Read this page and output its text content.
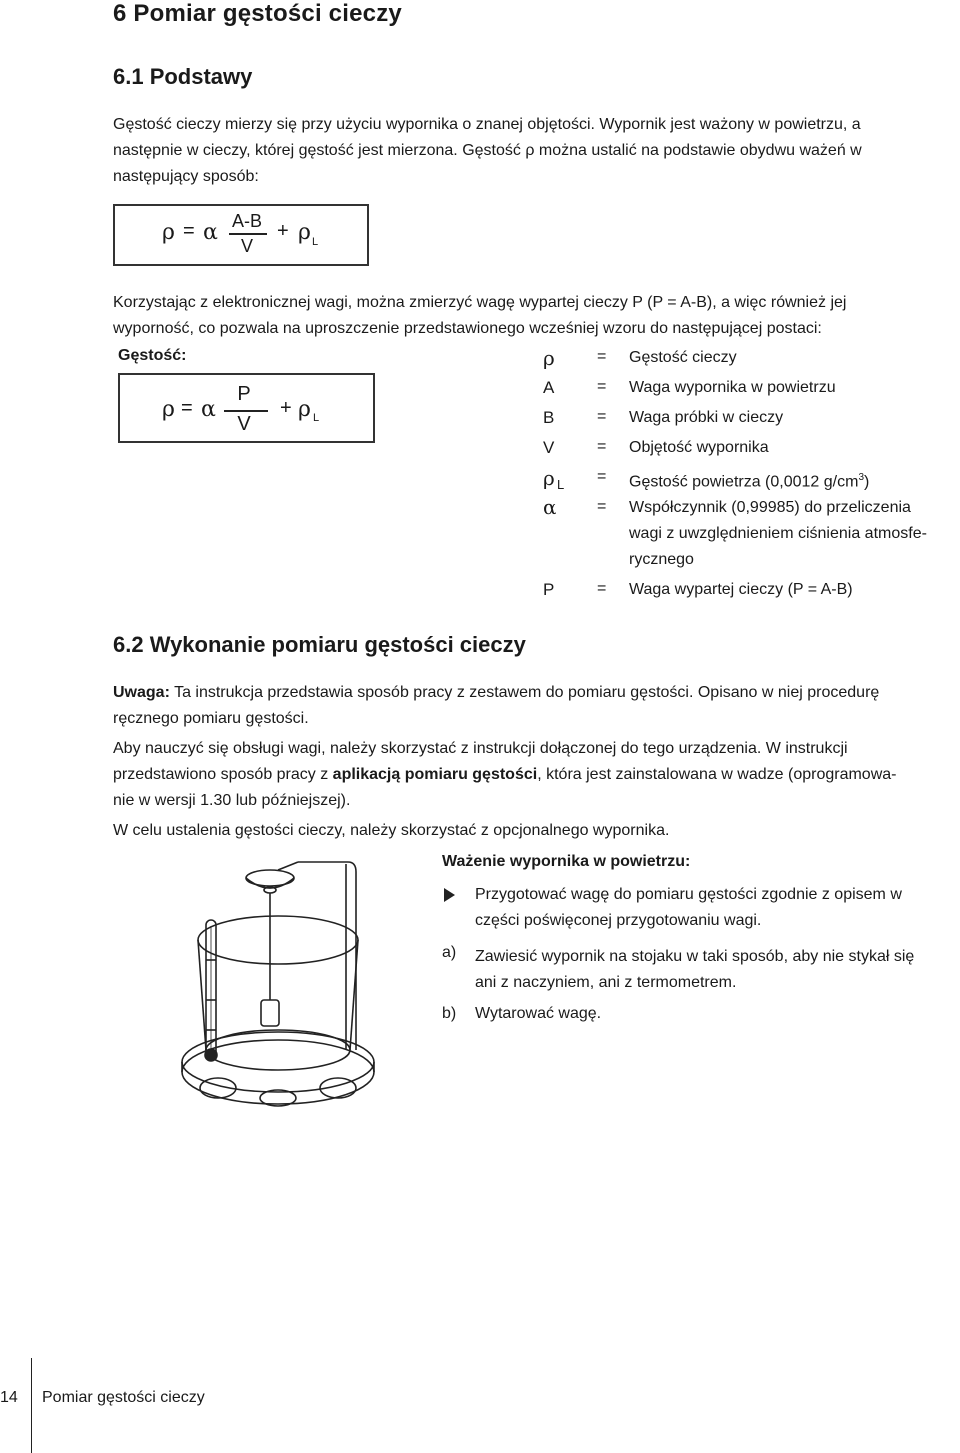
6 Pomiar gęstości cieczy
6.1 Podstawy
Gęstość cieczy mierzy się przy użyciu wypornika o znanej objętości. Wypornik jest ważony w powietrzu, a
następnie w cieczy, której gęstość jest mierzona. Gęstość ρ można ustalić na podstawie obydwu ważeń w
następujący sposób:
ρ = α A-B
V
+ ρ L
Korzystając z elektronicznej wagi, można zmierzyć wagę wypartej cieczy P (P = A-B), a więc również jej
wyporność, co pozwala na uproszczenie przedstawionego wcześniej wzoru do następującej postaci:
Gęstość:
ρ = α
P
V
+ ρ L
ρ	= Gęstość cieczy
A	= Waga wypornika w powietrzu
B	= Waga próbki w cieczy
V	= Objętość wypornika
ρ L = Gęstość powietrza (0,0012 $g/cm^3$)
α	= Współczynnik (0,99985) do przeliczenia
wagi z uwzględnieniem ciśnienia atmosfe-
rycznego
P	= Waga wypartej cieczy (P = A-B)
6.2 Wykonanie pomiaru gęstości cieczy
Uwaga: Ta instrukcja przedstawia sposób pracy z zestawem do pomiaru gęstości. Opisano w niej procedurę
ręcznego pomiaru gęstości.
Aby nauczyć się obsługi wagi, należy skorzystać z instrukcji dołączonej do tego urządzenia. W instrukcji
przedstawiono sposób pracy z aplikacją pomiaru gęstości, która jest zainstalowana w wadze (oprogramowa-
nie w wersji 1.30 lub późniejszej).
W celu ustalenia gęstości cieczy, należy skorzystać z opcjonalnego wypornika.
Ważenie wypornika w powietrzu:
Przygotować wagę do pomiaru gęstości zgodnie z opisem w
części poświęconej przygotowaniu wagi.
a) Zawiesić wypornik na stojaku w taki sposób, aby nie stykał się
ani z naczyniem, ani z termometrem.
b) Wytarować wagę.
14 Pomiar gęstości cieczy
